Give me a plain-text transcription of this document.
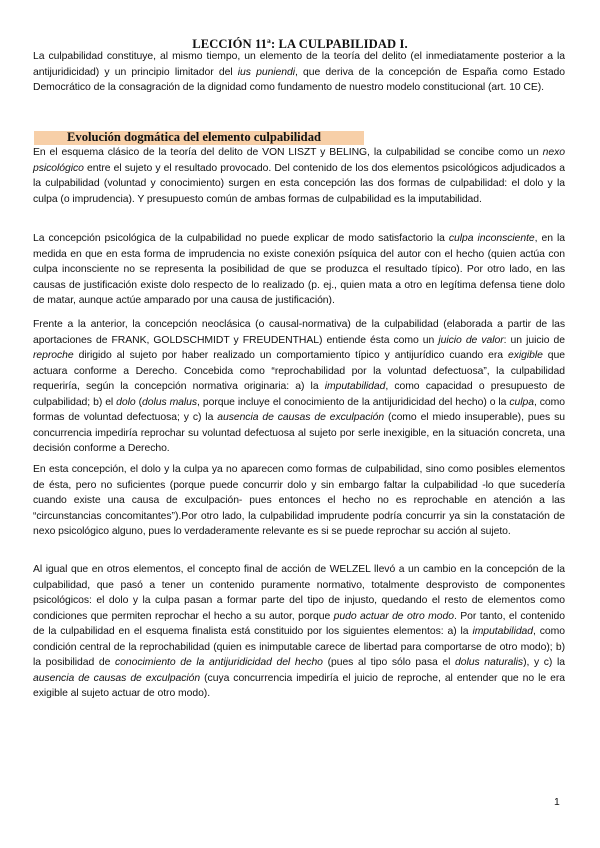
LECCIÓN 11ª: LA CULPABILIDAD I.

La culpabilidad constituye, al mismo tiempo, un elemento de la teoría del delito (el inmediatamente posterior a la antijuridicidad) y un principio limitador del ius puniendi, que deriva de la concepción de España como Estado Democrático de la consagración de la dignidad como fundamento de nuestro modelo constitucional (art. 10 CE).

Evolución dogmática del elemento culpabilidad

En el esquema clásico de la teoría del delito de VON LISZT y BELING, la culpabilidad se concibe como un nexo psicológico entre el sujeto y el resultado provocado. Del contenido de los dos elementos psicológicos adjudicados a la culpabilidad (voluntad y conocimiento) surgen en esta concepción las dos formas de culpabilidad: el dolo y la culpa (o imprudencia). Y presupuesto común de ambas formas de culpabilidad es la imputabilidad.

La concepción psicológica de la culpabilidad no puede explicar de modo satisfactorio la culpa inconsciente, en la medida en que en esta forma de imprudencia no existe conexión psíquica del autor con el hecho (quien actúa con culpa inconsciente no se representa la posibilidad de que se produzca el resultado típico). Por otro lado, en las causas de justificación existe dolo respecto de lo realizado (p. ej., quien mata a otro en legítima defensa tiene dolo de matar, aunque actúe amparado por una causa de justificación).

Frente a la anterior, la concepción neoclásica (o causal-normativa) de la culpabilidad (elaborada a partir de las aportaciones de FRANK, GOLDSCHMIDT y FREUDENTHAL) entiende ésta como un juicio de valor: un juicio de reproche dirigido al sujeto por haber realizado un comportamiento típico y antijurídico cuando era exigible que actuara conforme a Derecho. Concebida como “reprochabilidad por la voluntad defectuosa”, la culpabilidad requeriría, según la concepción normativa originaria: a) la imputabilidad, como capacidad o presupuesto de culpabilidad; b) el dolo (dolus malus, porque incluye el conocimiento de la antijuridicidad del hecho) o la culpa, como formas de voluntad defectuosa; y c) la ausencia de causas de exculpación (como el miedo insuperable), pues su concurrencia impediría reprochar su voluntad defectuosa al sujeto por serle inexigible, en la situación concreta, una decisión conforme a Derecho.

En esta concepción, el dolo y la culpa ya no aparecen como formas de culpabilidad, sino como posibles elementos de ésta, pero no suficientes (porque puede concurrir dolo y sin embargo faltar la culpabilidad -lo que sucedería cuando existe una causa de exculpación- pues entonces el hecho no es reprochable en atención a las “circunstancias concomitantes”).Por otro lado, la culpabilidad imprudente podría concurrir ya sin la constatación de nexo psicológico alguno, pues lo verdaderamente relevante es si se puede reprochar su acción al sujeto.

Al igual que en otros elementos, el concepto final de acción de WELZEL llevó a un cambio en la concepción de la culpabilidad, que pasó a tener un contenido puramente normativo, totalmente desprovisto de componentes psicológicos: el dolo y la culpa pasan a formar parte del tipo de injusto, quedando el resto de elementos como condiciones que permiten reprochar el hecho a su autor, porque pudo actuar de otro modo. Por tanto, el contenido de la culpabilidad en el esquema finalista está constituido por los siguientes elementos: a) la imputabilidad, como condición central de la reprochabilidad (quien es inimputable carece de libertad para comportarse de otro modo); b) la posibilidad de conocimiento de la antijuridicidad del hecho (pues al tipo sólo pasa el dolus naturalis), y c) la ausencia de causas de exculpación (cuya concurrencia impediría el juicio de reproche, al entender que no le era exigible al sujeto actuar de otro modo).

1
